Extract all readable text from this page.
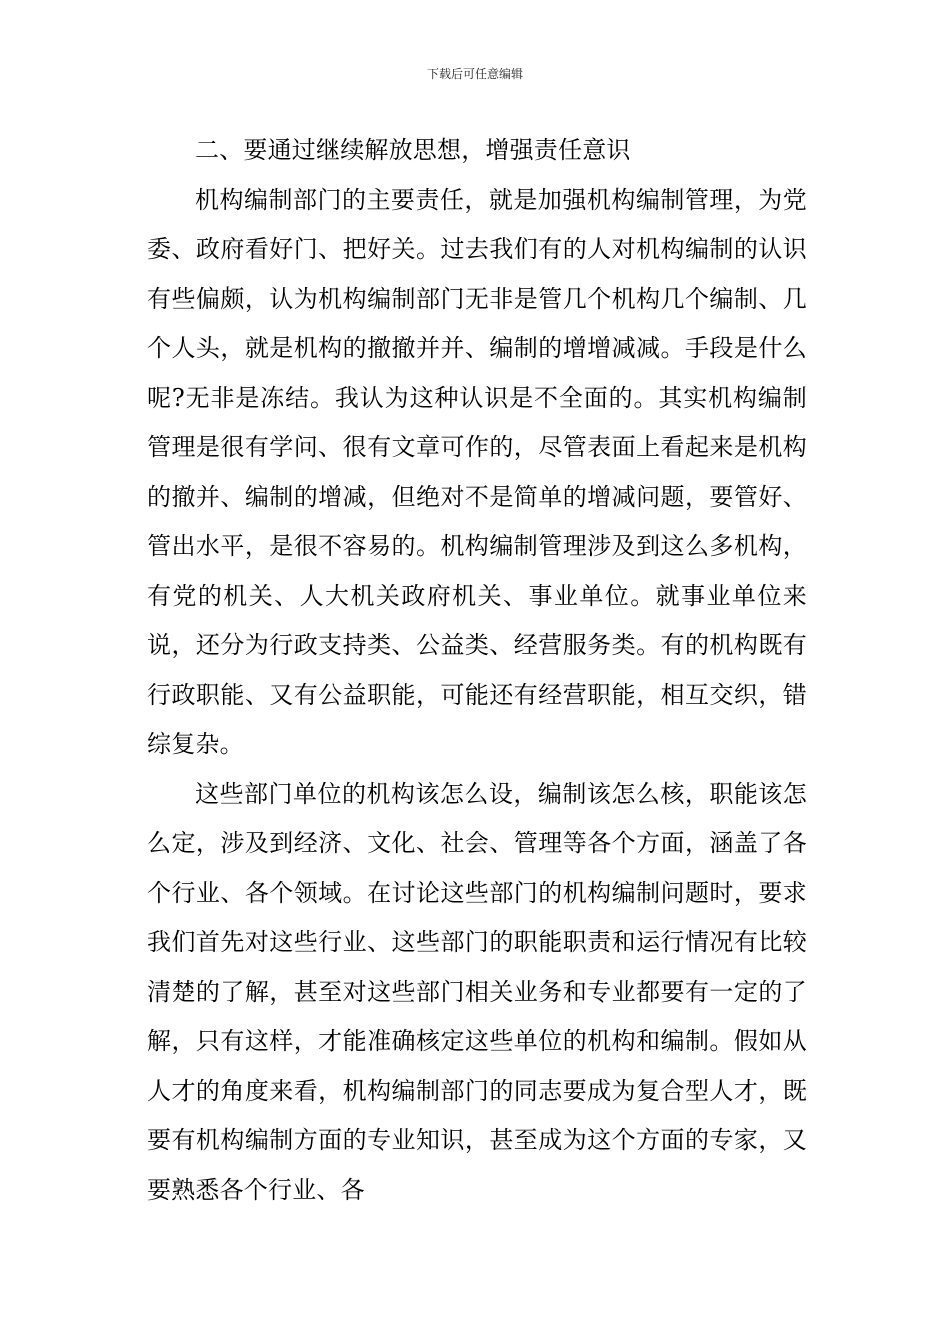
下载后可任意编辑

二、要通过继续解放思想，增强责任意识

机构编制部门的主要责任，就是加强机构编制管理，为党委、政府看好门、把好关。过去我们有的人对机构编制的认识有些偏颇，认为机构编制部门无非是管几个机构几个编制、几个人头，就是机构的撤撤并并、编制的增增减减。手段是什么呢?无非是冻结。我认为这种认识是不全面的。其实机构编制管理是很有学问、很有文章可作的，尽管表面上看起来是机构的撤并、编制的增减，但绝对不是简单的增减问题，要管好、管出水平，是很不容易的。机构编制管理涉及到这么多机构，有党的机关、人大机关政府机关、事业单位。就事业单位来说，还分为行政支持类、公益类、经营服务类。有的机构既有行政职能、又有公益职能，可能还有经营职能，相互交织，错综复杂。

这些部门单位的机构该怎么设，编制该怎么核，职能该怎么定，涉及到经济、文化、社会、管理等各个方面，涵盖了各个行业、各个领域。在讨论这些部门的机构编制问题时，要求我们首先对这些行业、这些部门的职能职责和运行情况有比较清楚的了解，甚至对这些部门相关业务和专业都要有一定的了解，只有这样，才能准确核定这些单位的机构和编制。假如从人才的角度来看，机构编制部门的同志要成为复合型人才，既要有机构编制方面的专业知识，甚至成为这个方面的专家，又要熟悉各个行业、各
